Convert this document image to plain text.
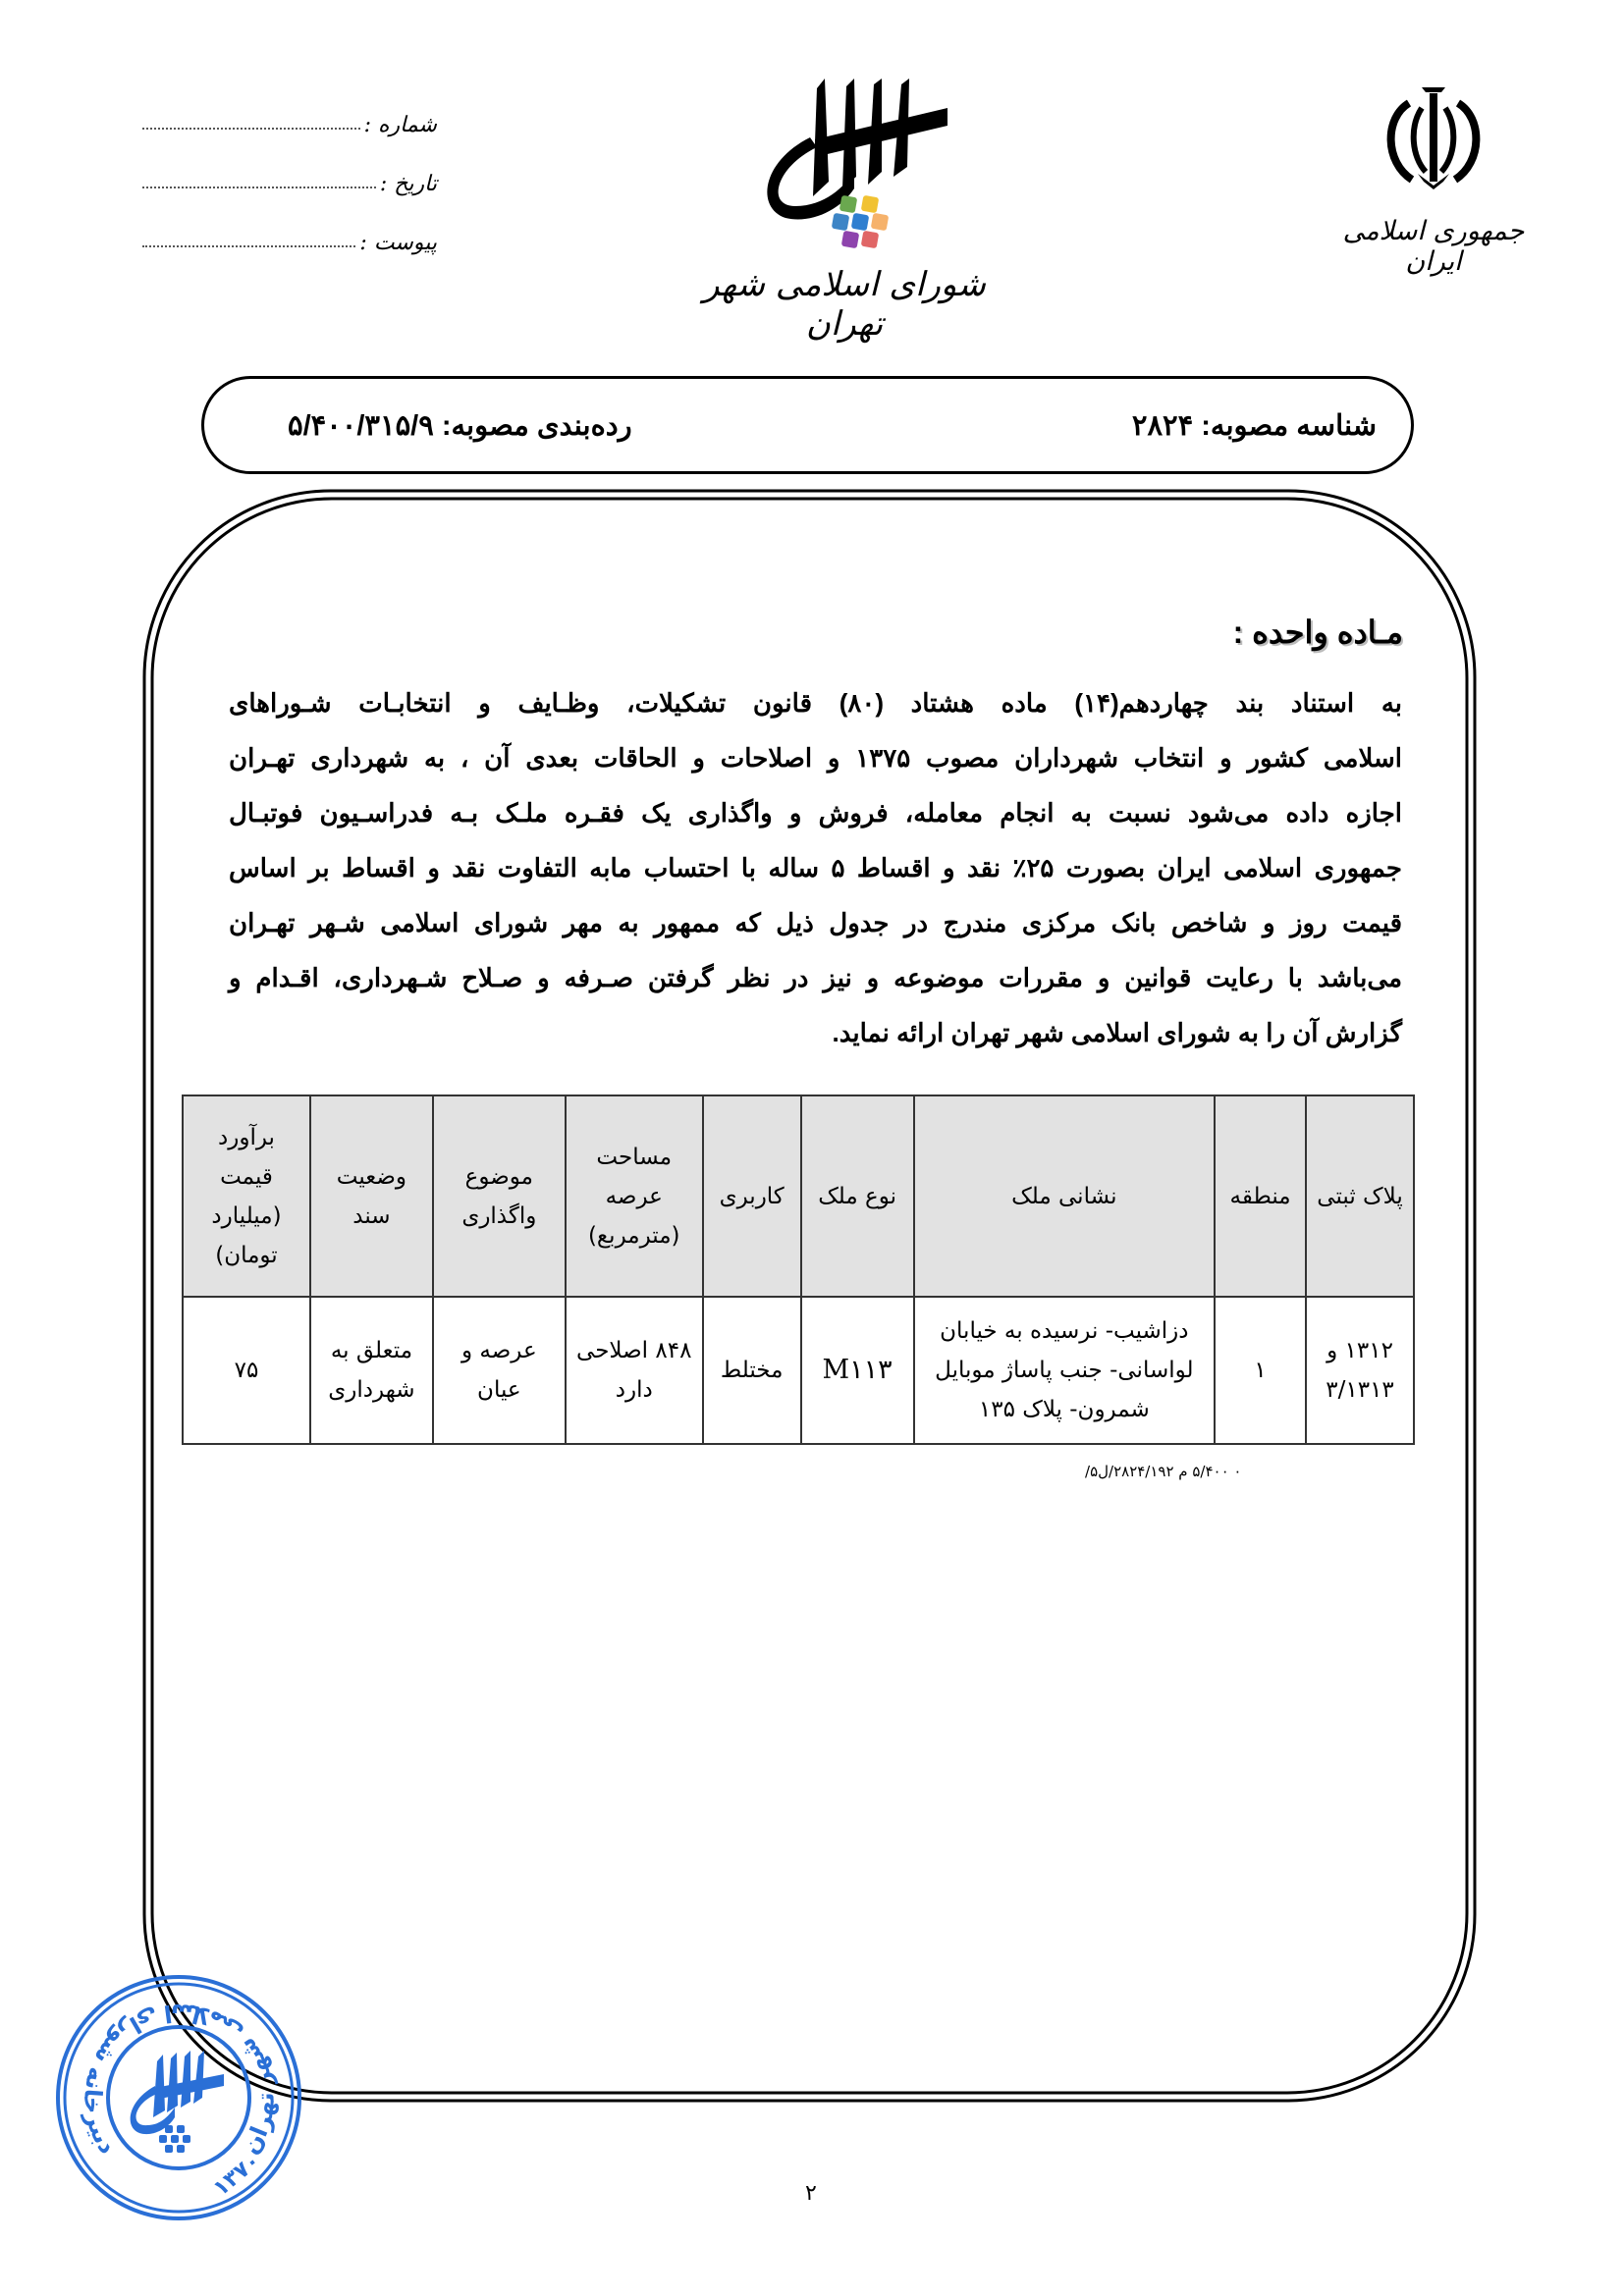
شماره :
تاریخ :
پیوست :
شورای اسلامی شهر تهران
جمهوری اسلامی ایران
شناسه مصوبه: ۲۸۲۴
رده‌بندی مصوبه: ۵/۴۰۰/۳۱۵/۹
مـاده واحده :
به استناد بند چهاردهم(۱۴) ماده هشتاد (۸۰) قانون تشکیلات، وظـایف و انتخابـات شـوراهای
اسلامی کشور و انتخاب شهرداران مصوب ۱۳۷۵ و اصلاحات و الحاقات بعدی آن ، به شهرداری تهـران
اجازه داده می‌شود نسبت به انجام معامله، فروش و واگذاری یک فقـره ملـک بـه فدراسـیون فوتبـال
جمهوری اسلامی ایران بصورت ۲۵٪ نقد و اقساط ۵ ساله با احتساب مابه التفاوت نقد و اقساط بر اساس
قیمت روز و شاخص بانک مرکزی مندرج در جدول ذیل که ممهور به مهر شورای اسلامی شـهر تهـران
می‌باشد با رعایت قوانین و مقررات موضوعه و نیز در نظر گرفتن صـرفه و صـلاح شـهرداری، اقـدام و
گزارش آن را به شورای اسلامی شهر تهران ارائه نماید.
پلاک ثبتی	منطقه	نشانی ملک	نوع ملک	کاربری	مساحت عرصه (مترمربع)	موضوع واگذاری	وضعیت سند	برآورد قیمت (میلیارد تومان)
۱۳۱۲ و ۳/۱۳۱۳	۱	دزاشیب- نرسیده به خیابان لواسانی- جنب پاساژ موبایل شمرون- پلاک ۱۳۵	M۱۱۳	مختلط	۸۴۸ اصلاحی دارد	عرصه و عیان	متعلق به شهرداری	۷۵
۰ ۵/۴۰۰ م ۲۸۲۴/۱۹۲/ل۵/
دبیرخانه شورای اسلامی شهر تهران
۱۳۷۰	۲
